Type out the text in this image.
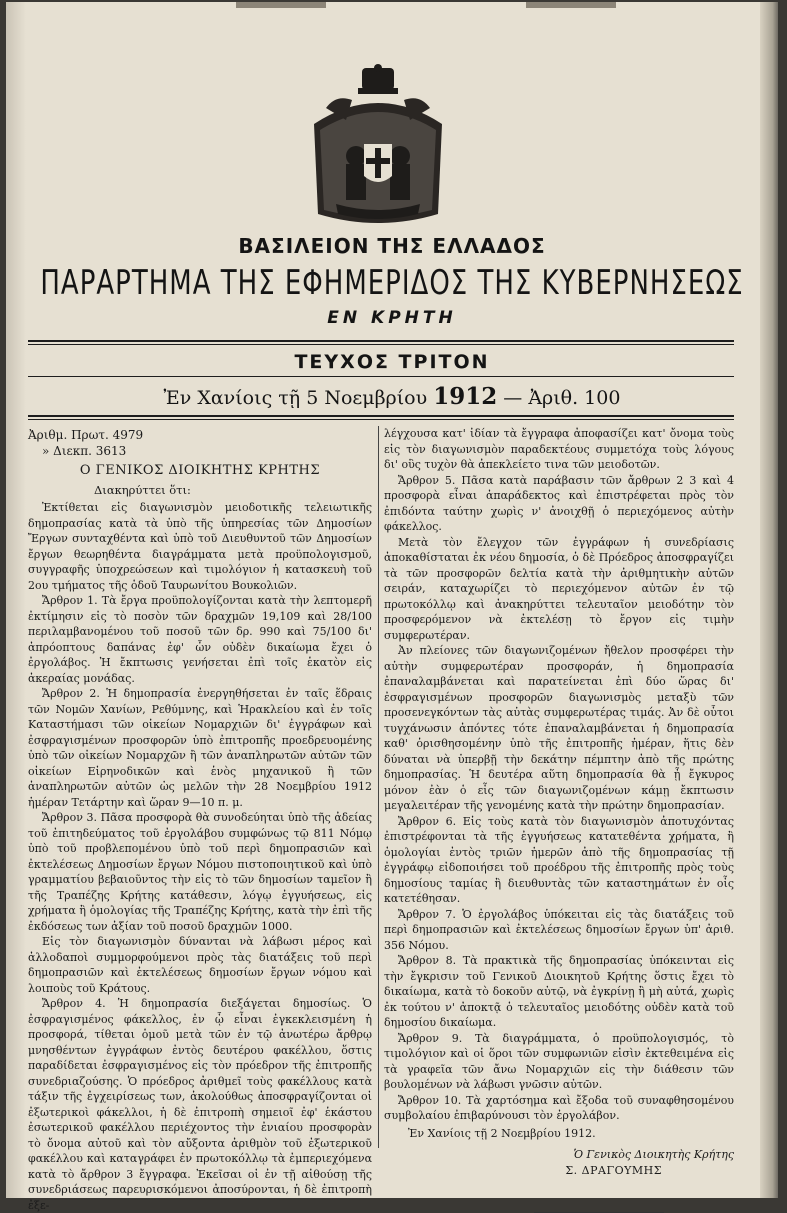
ΒΑΣΙΛΕΙΟΝ ΤΗΣ ΕΛΛΑΔΟΣ
ΠΑΡΑΡΤΗΜΑ ΤΗΣ ΕΦΗΜΕΡΙΔΟΣ ΤΗΣ ΚΥΒΕΡΝΗΣΕΩΣ
ΕΝ ΚΡΗΤΗ
ΤΕΥΧΟΣ ΤΡΙΤΟΝ
Ἐν Χανίοις τῇ 5 Νοεμβρίου 1912 — Ἀριθ. 100

Ἀριθμ. Πρωτ. 4979

» Διεκπ. 3613

Ο ΓΕΝΙΚΟΣ ΔΙΟΙΚΗΤΗΣ ΚΡΗΤΗΣ

Διακηρύττει ὅτι:

Ἐκτίθεται εἰς διαγωνισμὸν μειοδοτικῆς τελειωτικῆς δημοπρασίας κατὰ τὰ ὑπὸ τῆς ὑπηρεσίας τῶν Δημοσίων Ἔργων συνταχθέντα καὶ ὑπὸ τοῦ Διευθυντοῦ τῶν Δημοσίων ἔργων θεωρηθέντα διαγράμματα μετὰ προϋπολογισμοῦ, συγγραφῆς ὑποχρεώσεων καὶ τιμολόγιον ἡ κατασκευὴ τοῦ 2ου τμήματος τῆς ὁδοῦ Ταυρωνίτου Βουκολιῶν.

Ἄρθρον 1. Τὰ ἔργα προϋπολογίζονται κατὰ τὴν λεπτομερῆ ἐκτίμησιν εἰς τὸ ποσὸν τῶν δραχμῶν 19,109 καὶ 28/100 περιλαμβανομένου τοῦ ποσοῦ τῶν δρ. 990 καὶ 75/100 δι' ἀπρόοπτους δαπάνας ἐφ' ὧν οὐδὲν δικαίωμα ἔχει ὁ ἐργολάβος. Ἡ ἔκπτωσις γενήσεται ἐπὶ τοῖς ἑκατὸν εἰς ἀκεραίας μονάδας.

Ἄρθρον 2. Ἡ δημοπρασία ἐνεργηθήσεται ἐν ταῖς ἕδραις τῶν Νομῶν Χανίων, Ρεθύμνης, καὶ Ἡρακλείου καὶ ἐν τοῖς Καταστήμασι τῶν οἰκείων Νομαρχιῶν δι' ἐγγράφων καὶ ἐσφραγισμένων προσφορῶν ὑπὸ ἐπιτροπῆς προεδρευομένης ὑπὸ τῶν οἰκείων Νομαρχῶν ἢ τῶν ἀναπληρωτῶν αὐτῶν τῶν οἰκείων Εἰρηνοδικῶν καὶ ἑνὸς μηχανικοῦ ἢ τῶν ἀναπληρωτῶν αὐτῶν ὡς μελῶν τὴν 28 Νοεμβρίου 1912 ἡμέραν Τετάρτην καὶ ὥραν 9—10 π. μ.

Ἄρθρον 3. Πᾶσα προσφορὰ θὰ συνοδεύηται ὑπὸ τῆς ἀδείας τοῦ ἐπιτηδεύματος τοῦ ἐργολάβου συμφώνως τῷ 811 Νόμῳ ὑπὸ τοῦ προβλεπομένου ὑπὸ τοῦ περὶ δημοπρασιῶν καὶ ἐκτελέσεως Δημοσίων ἔργων Νόμου πιστοποιητικοῦ καὶ ὑπὸ γραμματίου βεβαιοῦντος τὴν εἰς τὸ τῶν δημοσίων ταμεῖον ἢ τῆς Τραπέζης Κρήτης κατάθεσιν, λόγῳ ἐγγυήσεως, εἰς χρήματα ἢ ὁμολογίας τῆς Τραπέζης Κρήτης, κατὰ τὴν ἐπὶ τῆς ἐκδόσεως των ἀξίαν τοῦ ποσοῦ δραχμῶν 1000.

Εἰς τὸν διαγωνισμὸν δύνανται νὰ λάβωσι μέρος καὶ ἀλλοδαποὶ συμμορφούμενοι πρὸς τὰς διατάξεις τοῦ περὶ δημοπρασιῶν καὶ ἐκτελέσεως δημοσίων ἔργων νόμου καὶ λοιποὺς τοῦ Κράτους.

Ἄρθρον 4. Ἡ δημοπρασία διεξάγεται δημοσίως. Ὁ ἐσφραγισμένος φάκελλος, ἐν ᾧ εἶναι ἐγκεκλεισμένη ἡ προσφορά, τίθεται ὁμοῦ μετὰ τῶν ἐν τῷ ἀνωτέρω ἄρθρῳ μνησθέντων ἐγγράφων ἐντὸς δευτέρου φακέλλου, ὅστις παραδίδεται ἐσφραγισμένος εἰς τὸν πρόεδρον τῆς ἐπιτροπῆς συνεδριαζούσης. Ὁ πρόεδρος ἀριθμεῖ τοὺς φακέλλους κατὰ τάξιν τῆς ἐγχειρίσεως των, ἀκολούθως ἀποσφραγίζονται οἱ ἐξωτερικοὶ φάκελλοι, ἡ δὲ ἐπιτροπὴ σημειοῖ ἐφ' ἑκάστου ἐσωτερικοῦ φακέλλου περιέχοντος τὴν ἐνιαίου προσφορὰν τὸ ὄνομα αὐτοῦ καὶ τὸν αὔξοντα ἀριθμὸν τοῦ ἐξωτερικοῦ φακέλλου καὶ καταγράφει ἐν πρωτοκόλλῳ τὰ ἐμπεριεχόμενα κατὰ τὸ ἄρθρον 3 ἔγγραφα. Ἐκεῖσαι οἱ ἐν τῇ αἰθούσῃ τῆς συνεδριάσεως παρευρισκόμενοι ἀποσύρονται, ἡ δὲ ἐπιτροπὴ ἐξε-

λέγχουσα κατ' ἰδίαν τὰ ἔγγραφα ἀποφασίζει κατ' ὄνομα τοὺς εἰς τὸν διαγωνισμὸν παραδεκτέους συμμετόχα τοὺς λόγους δι' οὓς τυχὸν θὰ ἀπεκλείετο τινα τῶν μειοδοτῶν.

Ἄρθρον 5. Πᾶσα κατὰ παράβασιν τῶν ἄρθρων 2 3 καὶ 4 προσφορὰ εἶναι ἀπαράδεκτος καὶ ἐπιστρέφεται πρὸς τὸν ἐπιδόντα ταύτην χωρὶς ν' ἀνοιχθῇ ὁ περιεχόμενος αὐτὴν φάκελλος.

Μετὰ τὸν ἔλεγχον τῶν ἐγγράφων ἡ συνεδρίασις ἀποκαθίσταται ἐκ νέου δημοσία, ὁ δὲ Πρόεδρος ἀποσφραγίζει τὰ τῶν προσφορῶν δελτία κατὰ τὴν ἀριθμητικὴν αὐτῶν σειράν, καταχωρίζει τὸ περιεχόμενον αὐτῶν ἐν τῷ πρωτοκόλλῳ καὶ ἀνακηρύττει τελευταῖον μειοδότην τὸν προσφερόμενον νὰ ἐκτελέσῃ τὸ ἔργον εἰς τιμὴν συμφερωτέραν.

Ἀν πλείονες τῶν διαγωνιζομένων ἤθελον προσφέρει τὴν αὐτὴν συμφερωτέραν προσφοράν, ἡ δημοπρασία ἐπαναλαμβάνεται καὶ παρατείνεται ἐπὶ δύο ὥρας δι' ἐσφραγισμένων προσφορῶν διαγωνισμὸς μεταξὺ τῶν προσενεγκόντων τὰς αὐτὰς συμφερωτέρας τιμάς. Ἀν δὲ οὗτοι τυγχάνωσιν ἀπόντες τότε ἐπαναλαμβάνεται ἡ δημοπρασία καθ' ὁρισθησομένην ὑπὸ τῆς ἐπιτροπῆς ἡμέραν, ἥτις δὲν δύναται νὰ ὑπερβῇ τὴν δεκάτην πέμπτην ἀπὸ τῆς πρώτης δημοπρασίας. Ἡ δευτέρα αὕτη δημοπρασία θὰ ᾖ ἔγκυρος μόνον ἐὰν ὁ εἷς τῶν διαγωνιζομένων κάμῃ ἔκπτωσιν μεγαλειτέραν τῆς γενομένης κατὰ τὴν πρώτην δημοπρασίαν.

Ἄρθρον 6. Εἰς τοὺς κατὰ τὸν διαγωνισμὸν ἀποτυχόντας ἐπιστρέφονται τὰ τῆς ἐγγυήσεως κατατεθέντα χρήματα, ἢ ὁμολογίαι ἐντὸς τριῶν ἡμερῶν ἀπὸ τῆς δημοπρασίας τῇ ἐγγράφῳ εἰδοποιήσει τοῦ προέδρου τῆς ἐπιτροπῆς πρὸς τοὺς δημοσίους ταμίας ἢ διευθυντὰς τῶν καταστημάτων ἐν οἷς κατετέθησαν.

Ἄρθρον 7. Ὁ ἐργολάβος ὑπόκειται εἰς τὰς διατάξεις τοῦ περὶ δημοπρασιῶν καὶ ἐκτελέσεως δημοσίων ἔργων ὑπ' ἀριθ. 356 Νόμου.

Ἄρθρον 8. Τὰ πρακτικὰ τῆς δημοπρασίας ὑπόκεινται εἰς τὴν ἔγκρισιν τοῦ Γενικοῦ Διοικητοῦ Κρήτης ὅστις ἔχει τὸ δικαίωμα, κατὰ τὸ δοκοῦν αὐτῷ, νὰ ἐγκρίνῃ ἢ μὴ αὐτά, χωρὶς ἐκ τούτου ν' ἀποκτᾷ ὁ τελευταῖος μειοδότης οὐδὲν κατὰ τοῦ δημοσίου δικαίωμα.

Ἄρθρον 9. Τὰ διαγράμματα, ὁ προϋπολογισμός, τὸ τιμολόγιον καὶ οἱ ὅροι τῶν συμφωνιῶν εἰσὶν ἐκτεθειμένα εἰς τὰ γραφεῖα τῶν ἄνω Νομαρχιῶν εἰς τὴν διάθεσιν τῶν βουλομένων νὰ λάβωσι γνῶσιν αὐτῶν.

Ἄρθρον 10. Τὰ χαρτόσημα καὶ ἔξοδα τοῦ συναφθησομένου συμβολαίου ἐπιβαρύνουσι τὸν ἐργολάβον.

Ἐν Χανίοις τῇ 2 Νοεμβρίου 1912.

Ὁ Γενικὸς Διοικητὴς Κρήτης

Σ. ΔΡΑΓΟΥΜΗΣ
